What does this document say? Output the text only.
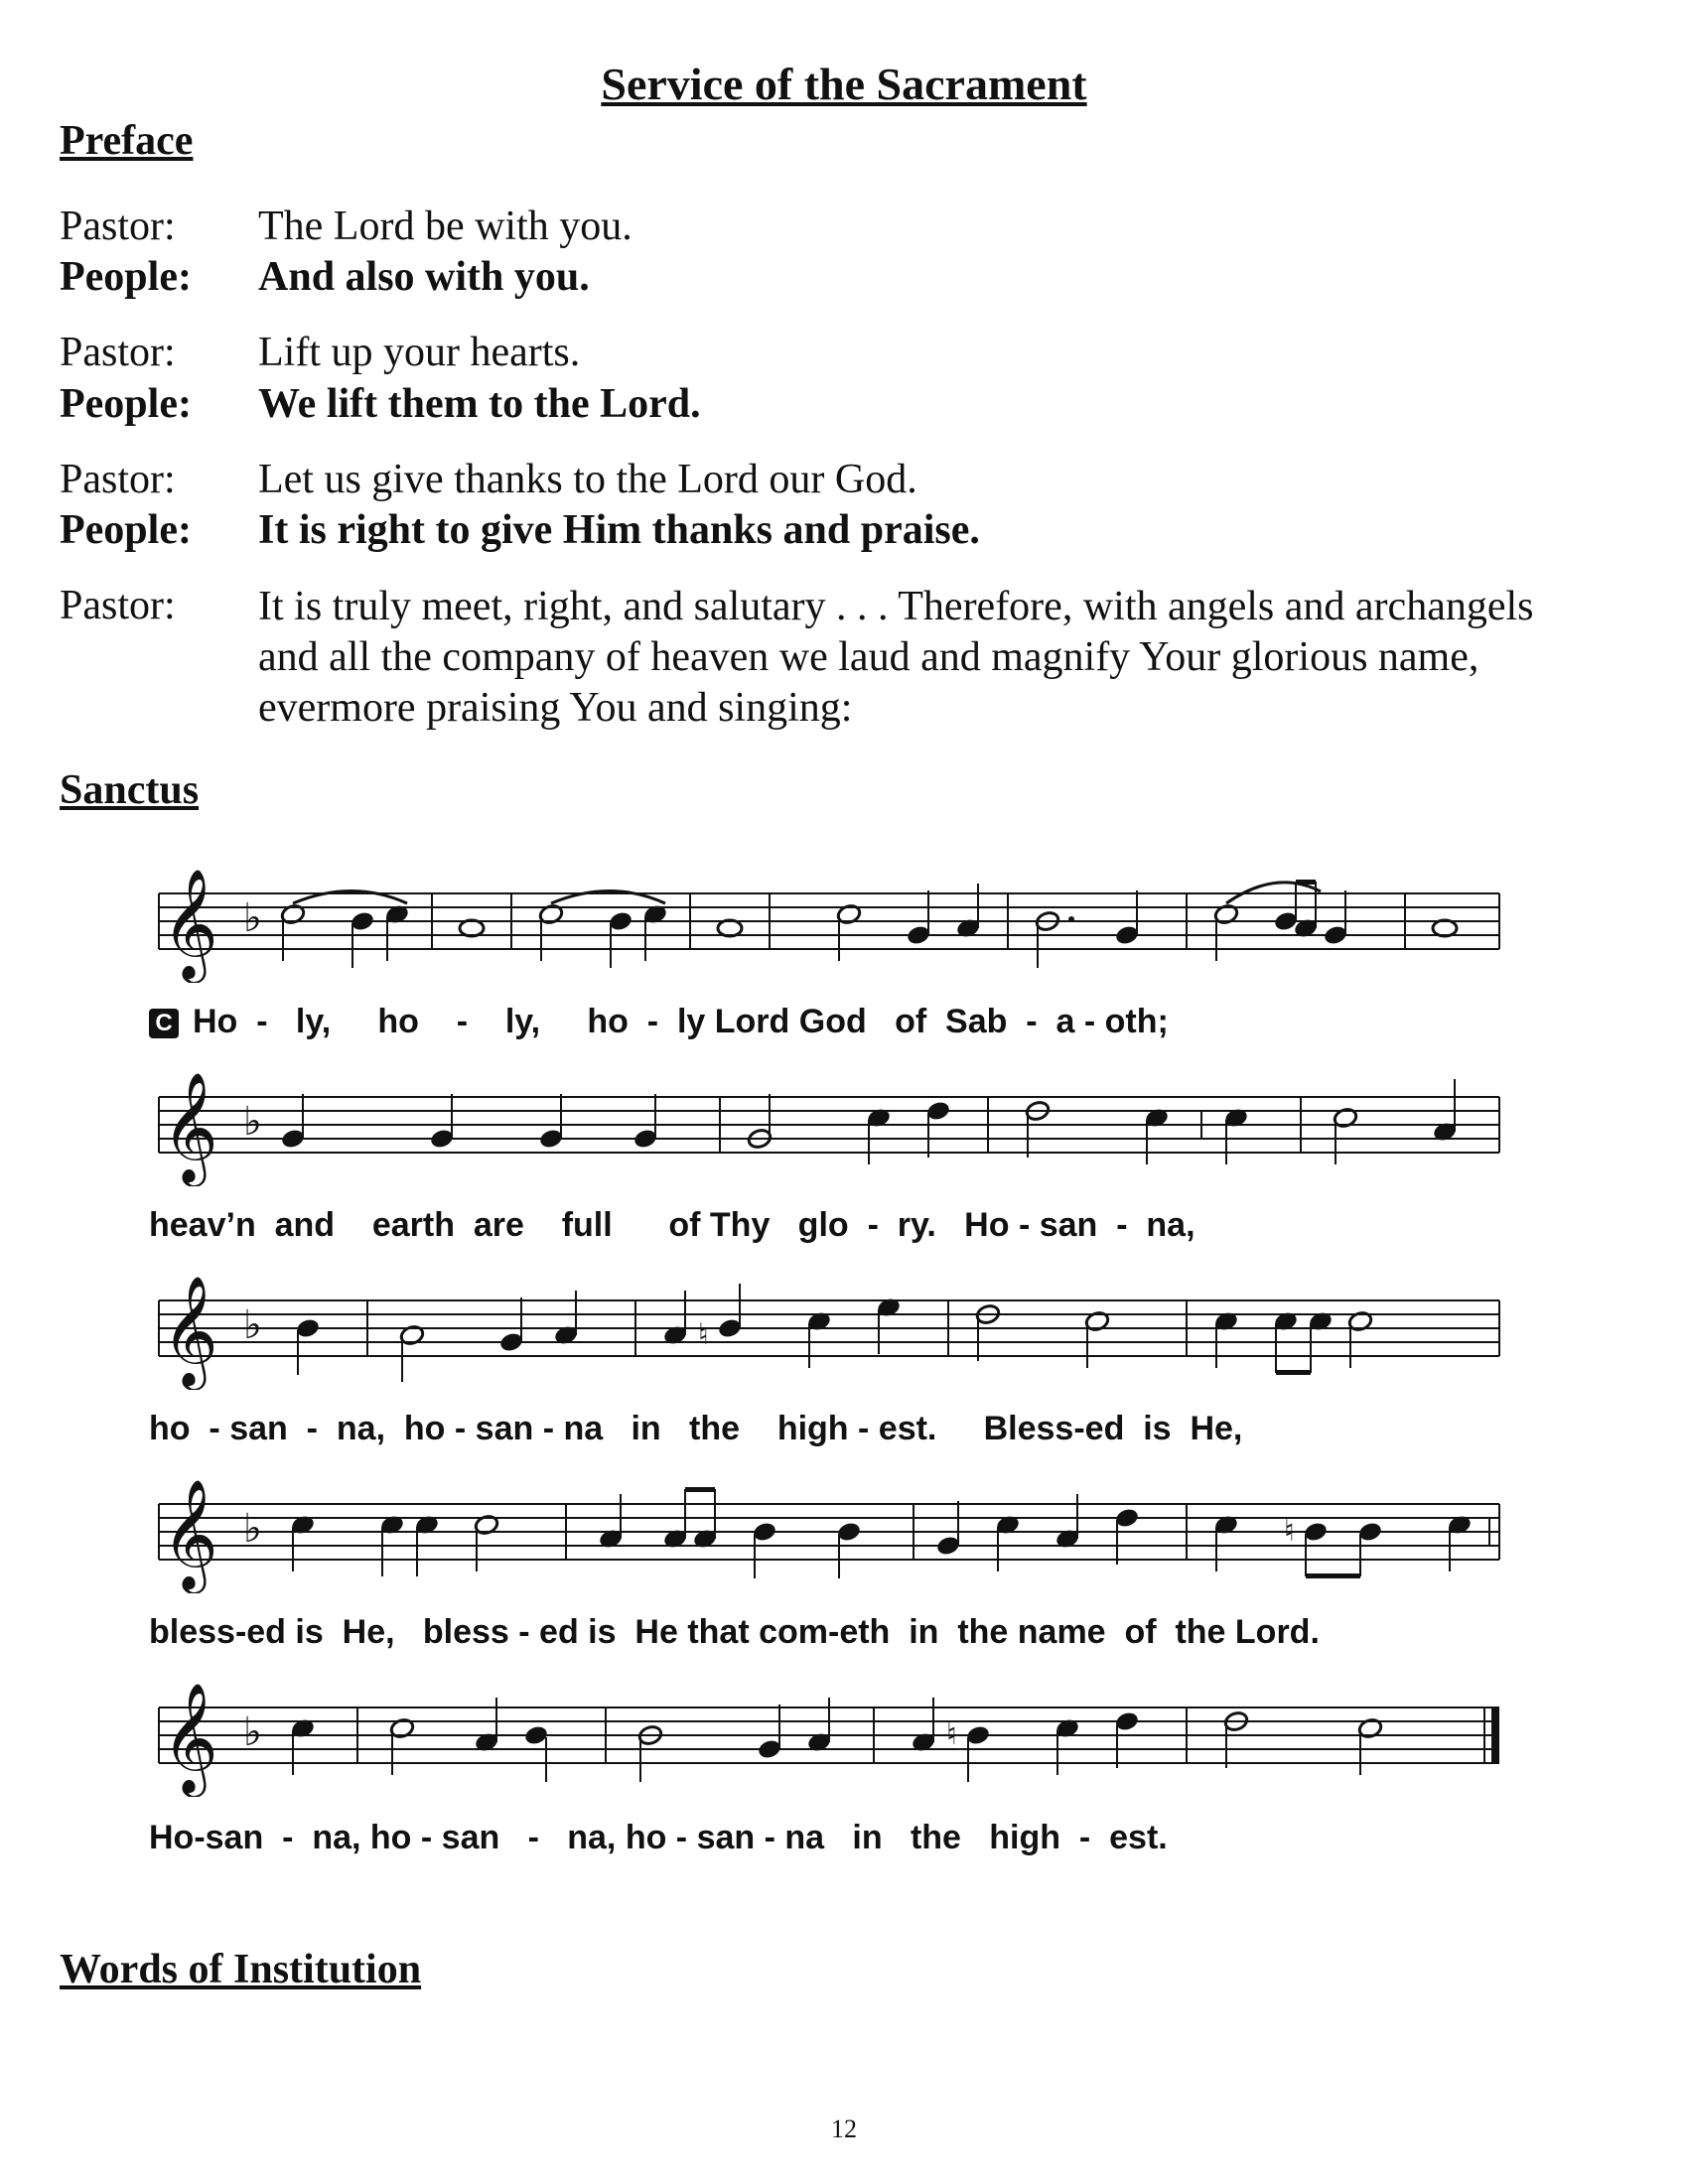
Service of the Sacrament
Preface
Pastor: The Lord be with you.
People: And also with you.
Pastor: Lift up your hearts.
People: We lift them to the Lord.
Pastor: Let us give thanks to the Lord our God.
People: It is right to give Him thanks and praise.
Pastor: It is truly meet, right, and salutary . . . Therefore, with angels and archangels and all the company of heaven we laud and magnify Your glorious name, evermore praising You and singing:
Sanctus
𝄞 ♭
C Ho  -   ly,     ho    -    ly,     ho  -  ly Lord God   of  Sab  -  a - oth;
𝄞 ♭
heav’n  and    earth  are    full      of Thy   glo  -  ry.   Ho - san  -  na,
𝄞 ♭	♮
ho  - san  -  na,  ho - san - na   in   the    high - est.     Bless-ed  is  He,
𝄞 ♭	♮
bless-ed is  He,   bless - ed is  He that com-eth  in  the name  of  the Lord.
𝄞 ♭	♮
Ho-san  -  na, ho - san   -   na, ho - san - na   in   the   high  -  est.
Words of Institution
12
